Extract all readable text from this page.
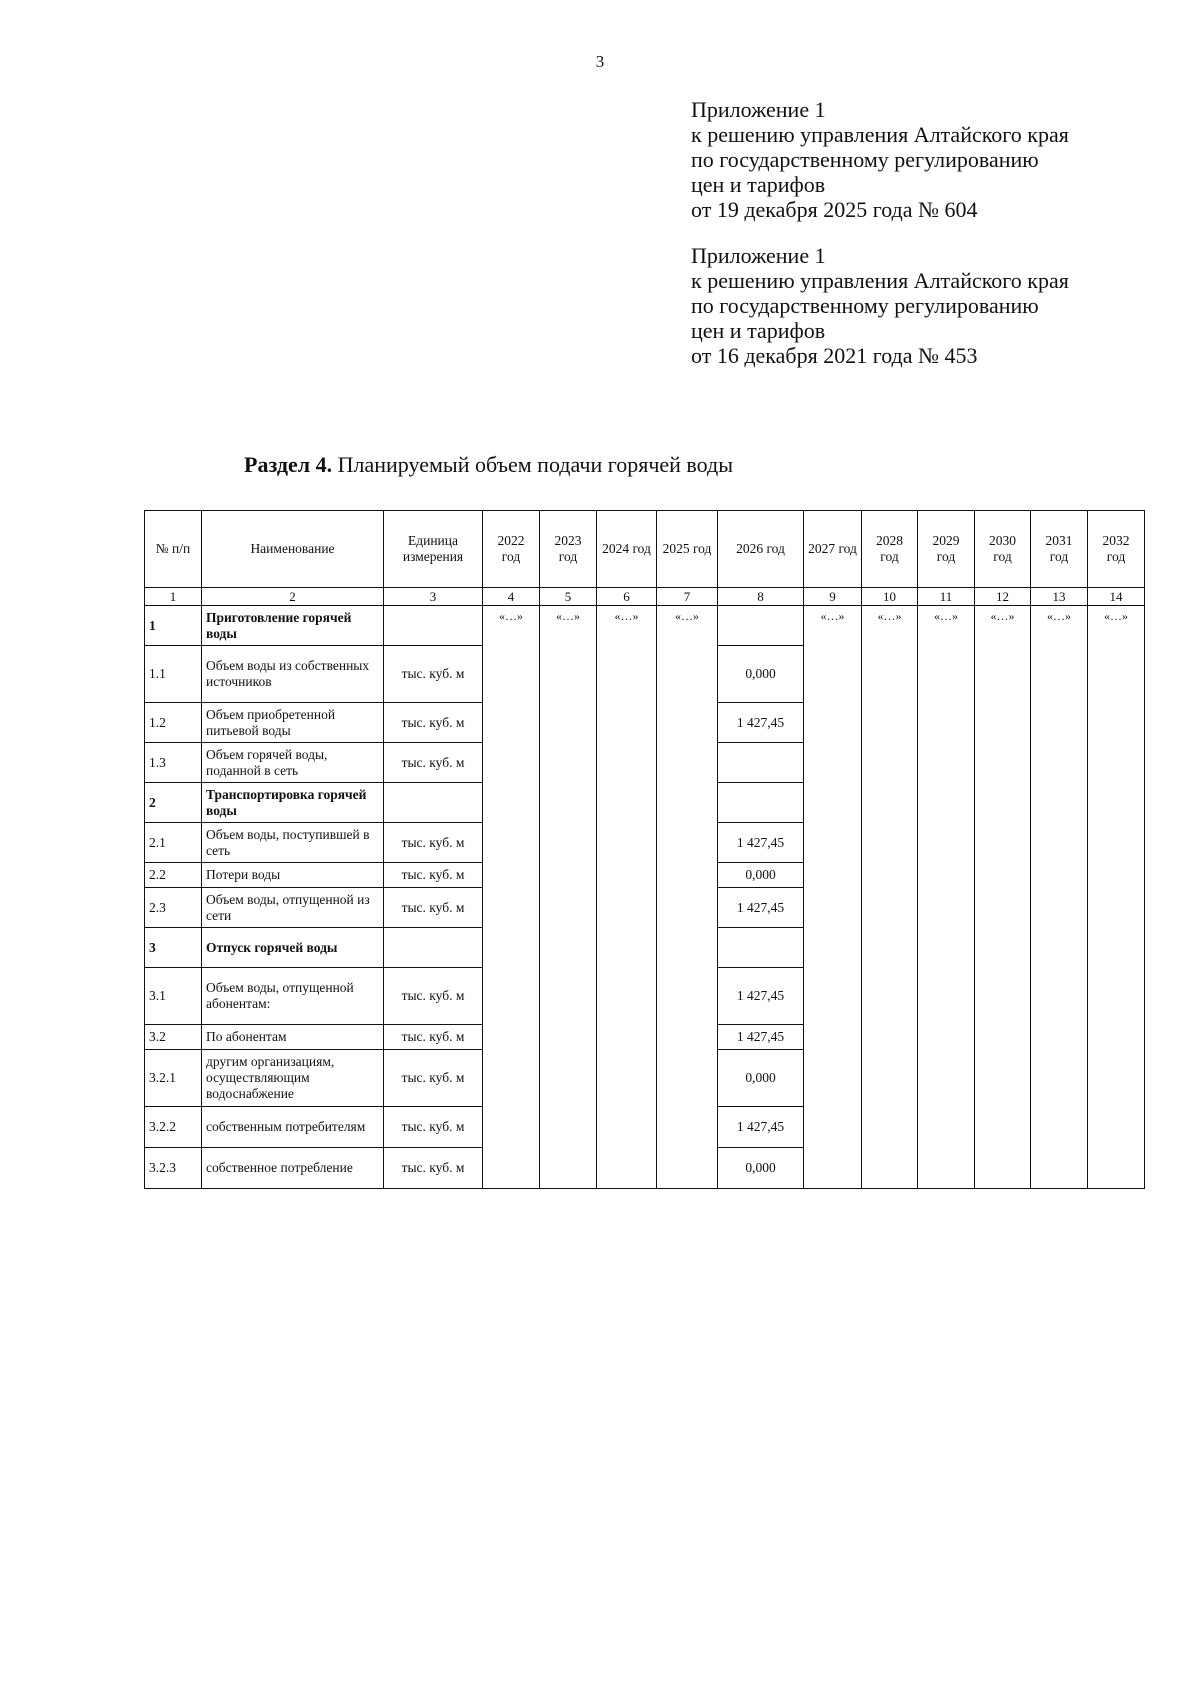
3
Приложение 1
к решению управления Алтайского края
по государственному регулированию
цен и тарифов
от 19 декабря 2025 года № 604
Приложение 1
к решению управления Алтайского края
по государственному регулированию
цен и тарифов
от 16 декабря 2021 года № 453
Раздел 4. Планируемый объем подачи горячей воды
№ п/п	Наименование	Единица измерения	2022 год	2023 год	2024 год	2025 год	2026 год	2027 год	2028 год	2029 год	2030 год	2031 год	2032 год
1	2	3	4	5	6	7	8	9	10	11	12	13	14
1	Приготовление горячей воды		«…»	«…»	«…»	«…»		«…»	«…»	«…»	«…»	«…»	«…»
1.1	Объем воды из собственных источников	тыс. куб. м					0,000						
1.2	Объем приобретенной питьевой воды	тыс. куб. м					1 427,45						
1.3	Объем горячей воды, поданной в сеть	тыс. куб. м											
2	Транспортировка горячей воды												
2.1	Объем воды, поступившей в сеть	тыс. куб. м					1 427,45						
2.2	Потери воды	тыс. куб. м					0,000						
2.3	Объем воды, отпущенной из сети	тыс. куб. м					1 427,45						
3	Отпуск горячей воды												
3.1	Объем воды, отпущенной абонентам:	тыс. куб. м					1 427,45						
3.2	По абонентам	тыс. куб. м					1 427,45						
3.2.1	другим организациям, осуществляющим водоснабжение	тыс. куб. м					0,000						
3.2.2	собственным потребителям	тыс. куб. м					1 427,45						
3.2.3	собственное потребление	тыс. куб. м					0,000						
